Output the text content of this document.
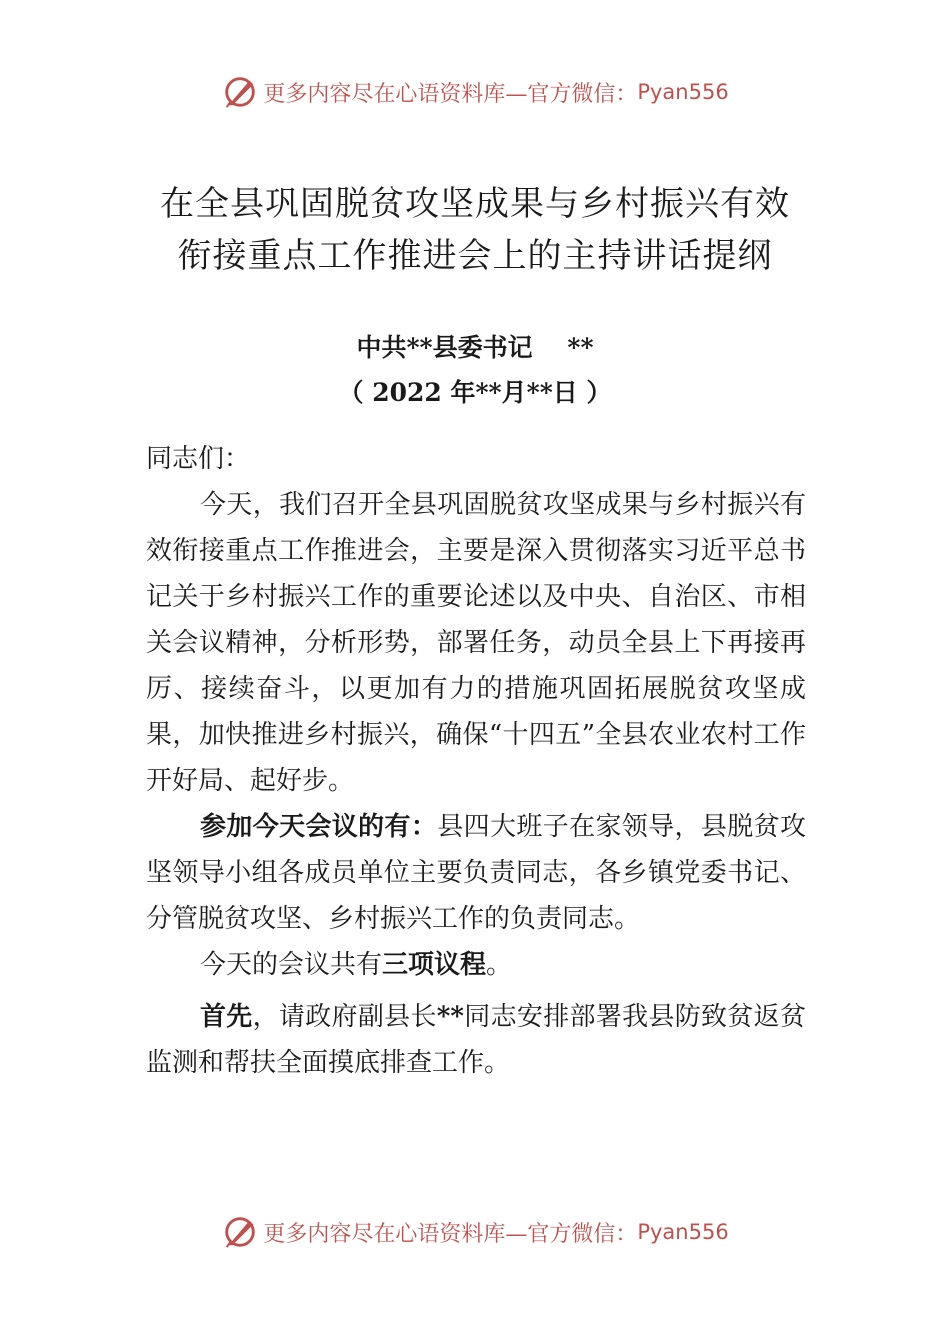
更多内容尽在心语资料库—官方微信： Pyan556
在全县巩固脱贫攻坚成果与乡村振兴有效
衔接重点工作推进会上的主持讲话提纲
中共**县委书记    **
（ 2022 年**月**日 ）
同志们：
今天，我们召开全县巩固脱贫攻坚成果与乡村振兴有效衔接重点工作推进会，主要是深入贯彻落实习近平总书记关于乡村振兴工作的重要论述以及中央、自治区、市相关会议精神，分析形势，部署任务，动员全县上下再接再厉、接续奋斗，以更加有力的措施巩固拓展脱贫攻坚成果，加快推进乡村振兴，确保“十四五”全县农业农村工作开好局、起好步。
参加今天会议的有：县四大班子在家领导，县脱贫攻坚领导小组各成员单位主要负责同志，各乡镇党委书记、分管脱贫攻坚、乡村振兴工作的负责同志。
今天的会议共有三项议程。
首先，请政府副县长**同志安排部署我县防致贫返贫监测和帮扶全面摸底排查工作。
更多内容尽在心语资料库—官方微信： Pyan556
